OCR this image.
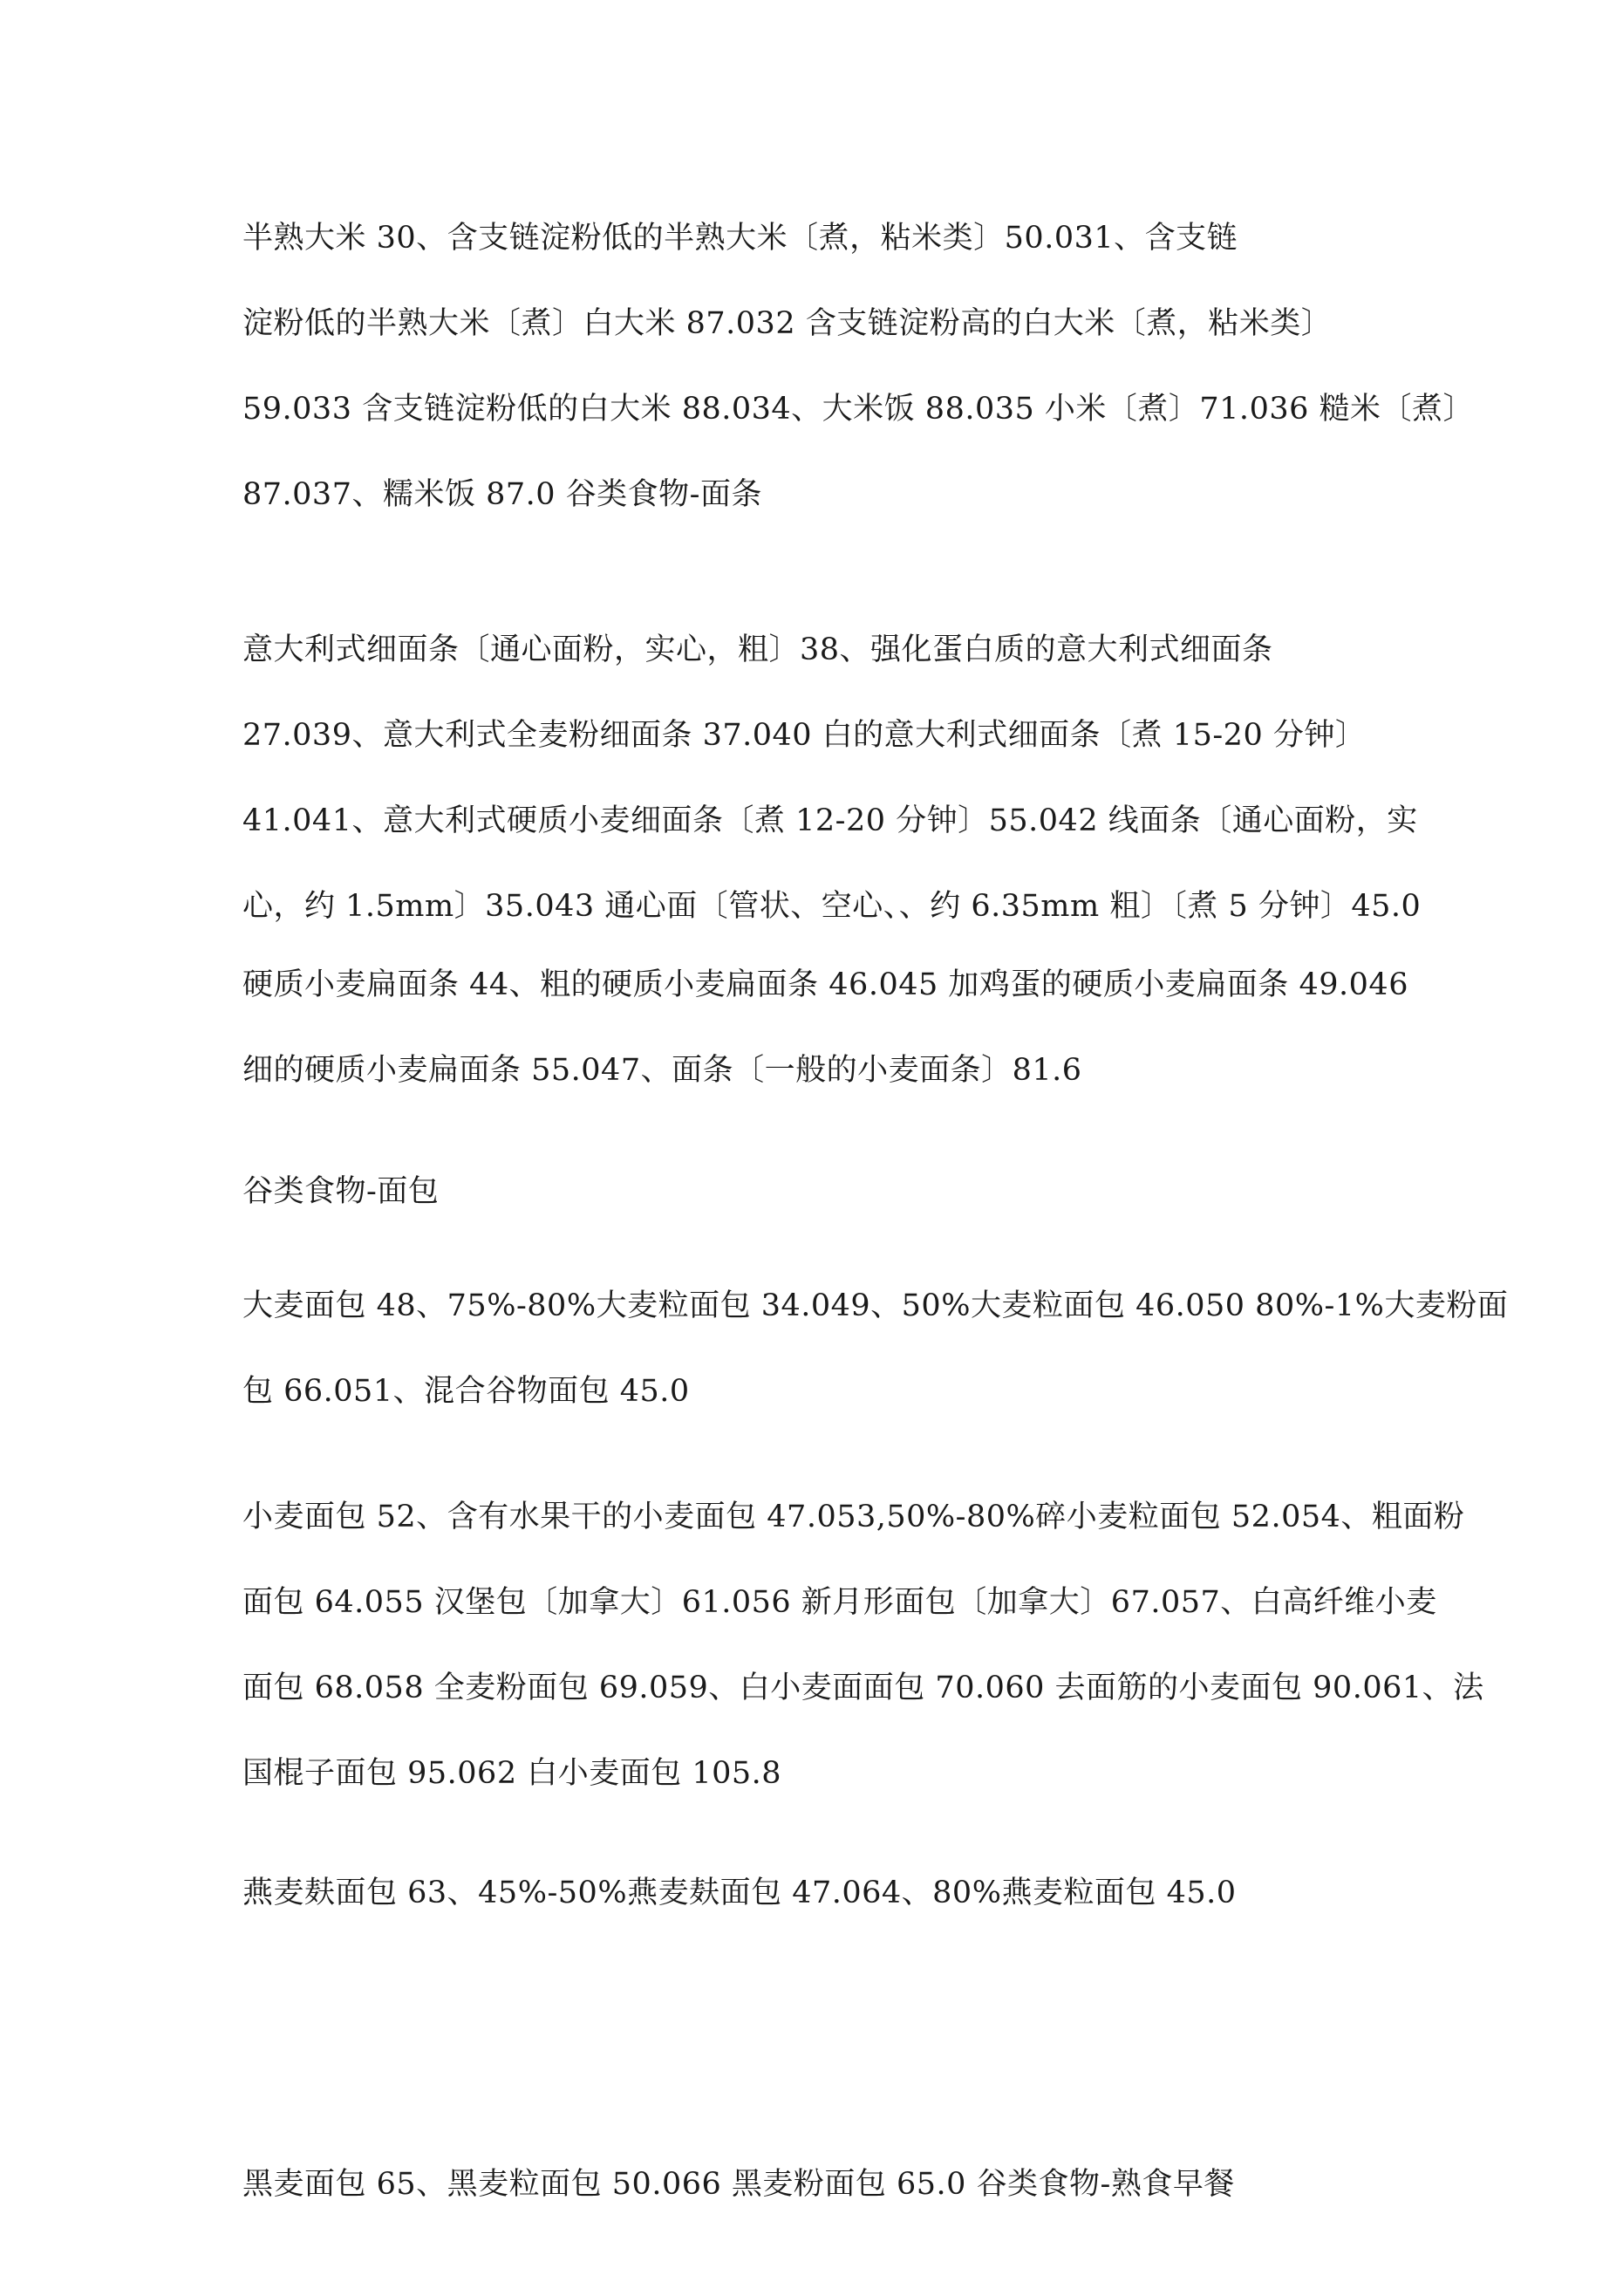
半熟大米 30、含支链淀粉低的半熟大米〔煮，粘米类〕50.031、含支链
淀粉低的半熟大米〔煮〕白大米 87.032 含支链淀粉高的白大米〔煮，粘米类〕
59.033 含支链淀粉低的白大米 88.034、大米饭 88.035 小米〔煮〕71.036 糙米〔煮〕
87.037、糯米饭 87.0 谷类食物-面条
意大利式细面条〔通心面粉，实心，粗〕38、强化蛋白质的意大利式细面条
27.039、意大利式全麦粉细面条 37.040 白的意大利式细面条〔煮 15-20 分钟〕
41.041、意大利式硬质小麦细面条〔煮 12-20 分钟〕55.042 线面条〔通心面粉，实
心，约 1.5mm〕35.043 通心面〔管状、空心、、约 6.35mm 粗〕〔煮 5 分钟〕45.0
硬质小麦扁面条 44、粗的硬质小麦扁面条 46.045 加鸡蛋的硬质小麦扁面条 49.046
细的硬质小麦扁面条 55.047、面条〔一般的小麦面条〕81.6
谷类食物-面包
大麦面包 48、75%-80%大麦粒面包 34.049、50%大麦粒面包 46.050 80%-1%大麦粉面
包 66.051、混合谷物面包 45.0
小麦面包 52、含有水果干的小麦面包 47.053,50%-80%碎小麦粒面包 52.054、粗面粉
面包 64.055 汉堡包〔加拿大〕61.056 新月形面包〔加拿大〕67.057、白高纤维小麦
面包 68.058 全麦粉面包 69.059、白小麦面面包 70.060 去面筋的小麦面包 90.061、法
国棍子面包 95.062 白小麦面包 105.8
燕麦麸面包 63、45%-50%燕麦麸面包 47.064、80%燕麦粒面包 45.0
黑麦面包 65、黑麦粒面包 50.066 黑麦粉面包 65.0 谷类食物-熟食早餐
